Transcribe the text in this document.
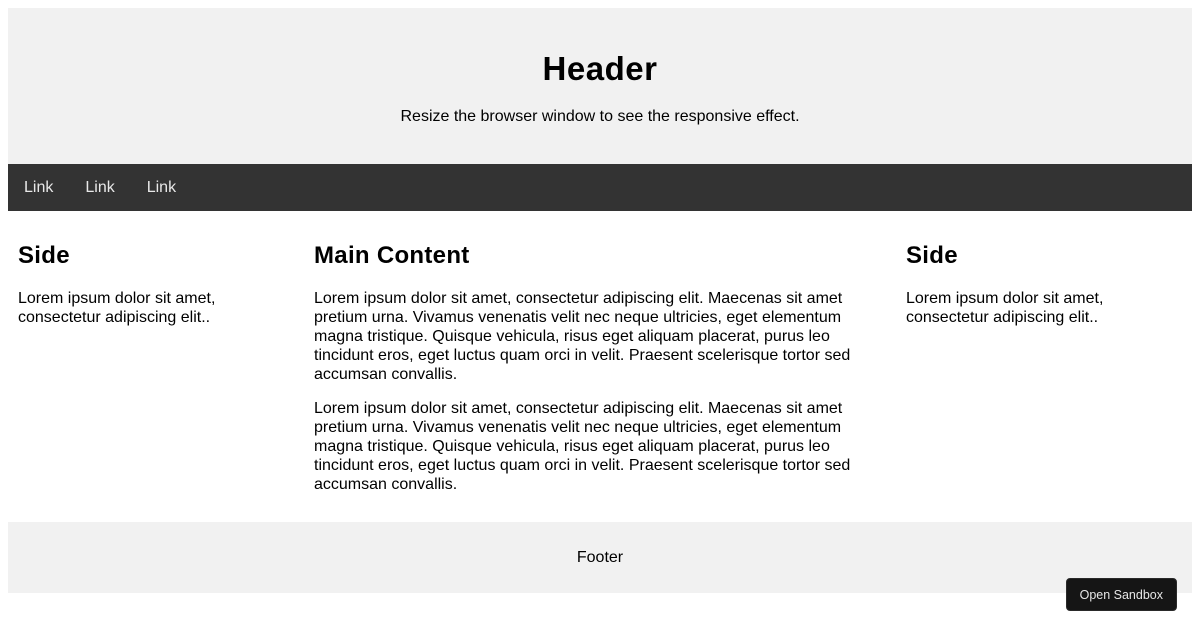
Header

Resize the browser window to see the responsive effect.

Link	Link	Link
Side

Lorem ipsum dolor sit amet, consectetur adipiscing elit..

Main Content

Lorem ipsum dolor sit amet, consectetur adipiscing elit. Maecenas sit amet pretium urna. Vivamus venenatis velit nec neque ultricies, eget elementum magna tristique. Quisque vehicula, risus eget aliquam placerat, purus leo tincidunt eros, eget luctus quam orci in velit. Praesent scelerisque tortor sed accumsan convallis.

Lorem ipsum dolor sit amet, consectetur adipiscing elit. Maecenas sit amet pretium urna. Vivamus venenatis velit nec neque ultricies, eget elementum magna tristique. Quisque vehicula, risus eget aliquam placerat, purus leo tincidunt eros, eget luctus quam orci in velit. Praesent scelerisque tortor sed accumsan convallis.

Side

Lorem ipsum dolor sit amet, consectetur adipiscing elit..

Footer
Open Sandbox
